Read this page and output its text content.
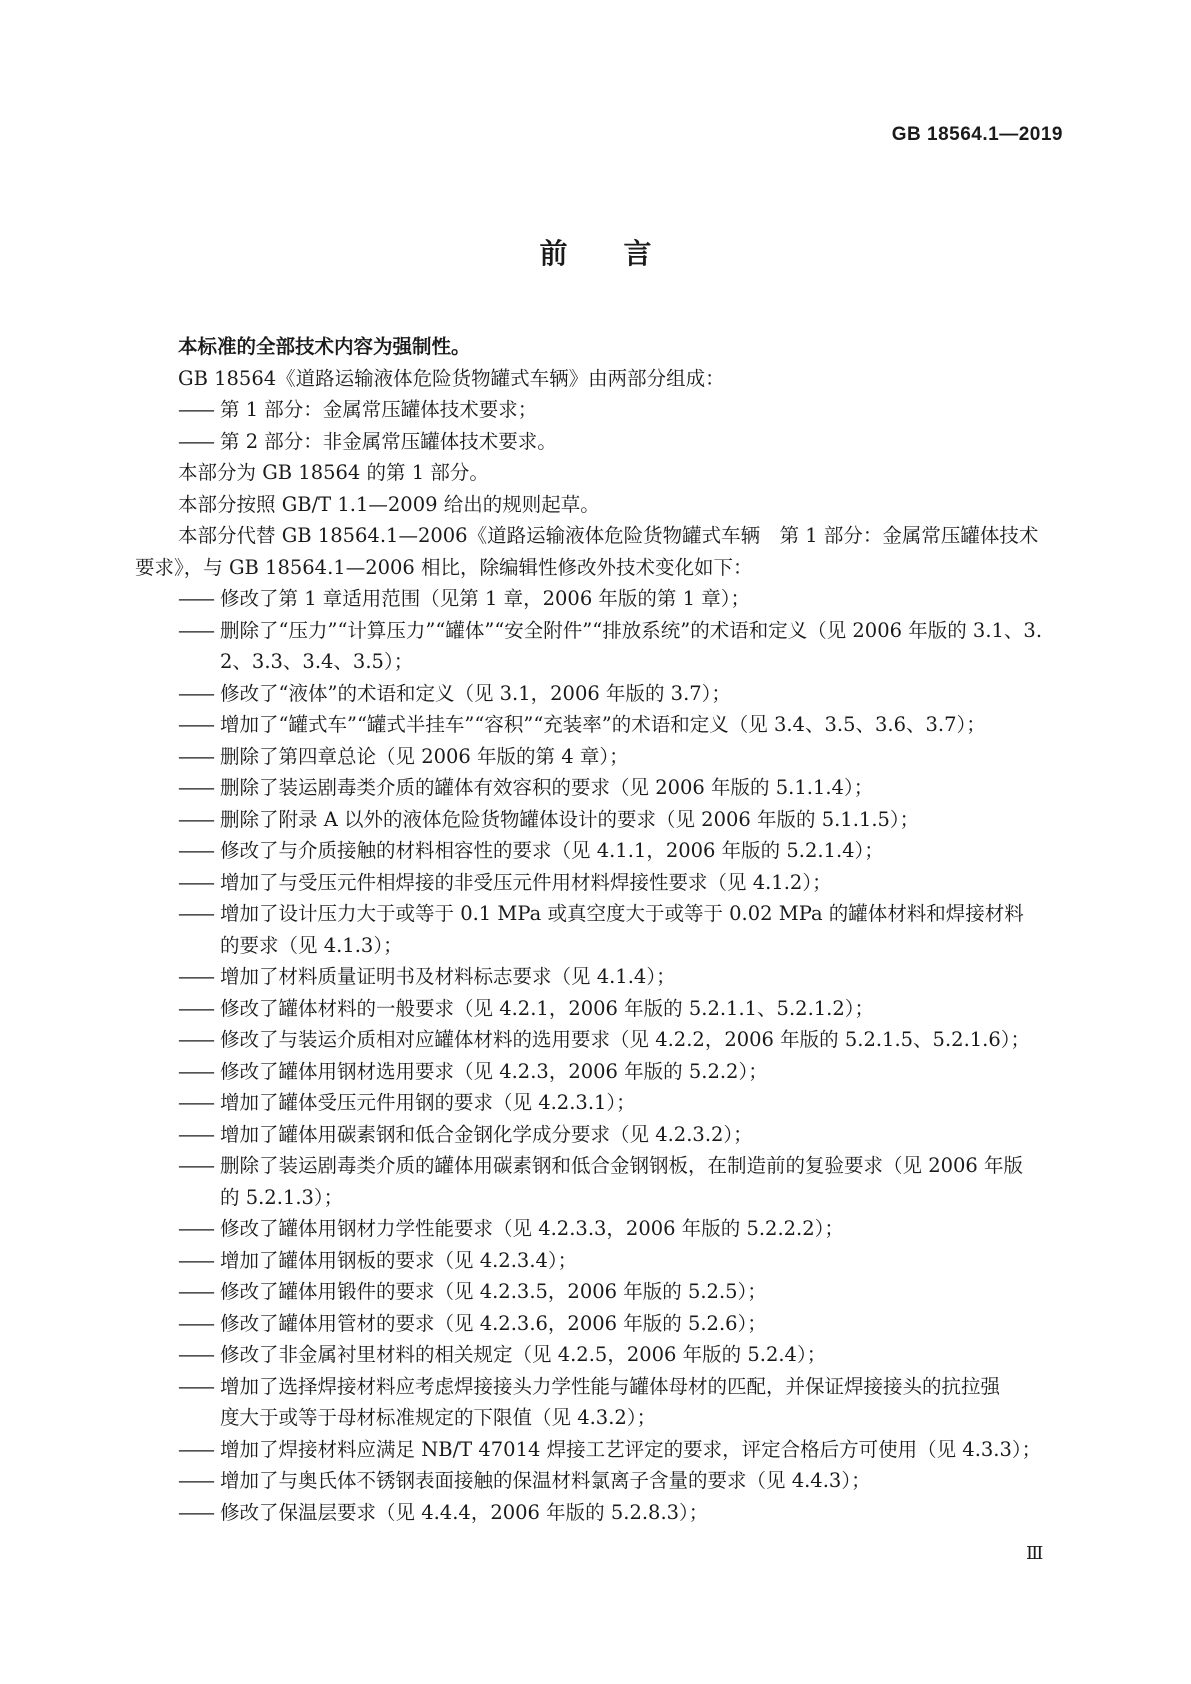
GB 18564.1—2019
前　　言
本标准的全部技术内容为强制性。
GB 18564《道路运输液体危险货物罐式车辆》由两部分组成：
—— 第 1 部分：金属常压罐体技术要求；
—— 第 2 部分：非金属常压罐体技术要求。
本部分为 GB 18564 的第 1 部分。
本部分按照 GB/T 1.1—2009 给出的规则起草。
本部分代替 GB 18564.1—2006《道路运输液体危险货物罐式车辆　第 1 部分：金属常压罐体技术
要求》，与 GB 18564.1—2006 相比，除编辑性修改外技术变化如下：
—— 修改了第 1 章适用范围（见第 1 章，2006 年版的第 1 章）；
—— 删除了“压力”“计算压力”“罐体”“安全附件”“排放系统”的术语和定义（见 2006 年版的 3.1、3.
2、3.3、3.4、3.5）；
—— 修改了“液体”的术语和定义（见 3.1，2006 年版的 3.7）；
—— 增加了“罐式车”“罐式半挂车”“容积”“充装率”的术语和定义（见 3.4、3.5、3.6、3.7）；
—— 删除了第四章总论（见 2006 年版的第 4 章）；
—— 删除了装运剧毒类介质的罐体有效容积的要求（见 2006 年版的 5.1.1.4）；
—— 删除了附录 A 以外的液体危险货物罐体设计的要求（见 2006 年版的 5.1.1.5）；
—— 修改了与介质接触的材料相容性的要求（见 4.1.1，2006 年版的 5.2.1.4）；
—— 增加了与受压元件相焊接的非受压元件用材料焊接性要求（见 4.1.2）；
—— 增加了设计压力大于或等于 0.1 MPa 或真空度大于或等于 0.02 MPa 的罐体材料和焊接材料
的要求（见 4.1.3）；
—— 增加了材料质量证明书及材料标志要求（见 4.1.4）；
—— 修改了罐体材料的一般要求（见 4.2.1，2006 年版的 5.2.1.1、5.2.1.2）；
—— 修改了与装运介质相对应罐体材料的选用要求（见 4.2.2，2006 年版的 5.2.1.5、5.2.1.6）；
—— 修改了罐体用钢材选用要求（见 4.2.3，2006 年版的 5.2.2）；
—— 增加了罐体受压元件用钢的要求（见 4.2.3.1）；
—— 增加了罐体用碳素钢和低合金钢化学成分要求（见 4.2.3.2）；
—— 删除了装运剧毒类介质的罐体用碳素钢和低合金钢钢板，在制造前的复验要求（见 2006 年版
的 5.2.1.3）；
—— 修改了罐体用钢材力学性能要求（见 4.2.3.3，2006 年版的 5.2.2.2）；
—— 增加了罐体用钢板的要求（见 4.2.3.4）；
—— 修改了罐体用锻件的要求（见 4.2.3.5，2006 年版的 5.2.5）；
—— 修改了罐体用管材的要求（见 4.2.3.6，2006 年版的 5.2.6）；
—— 修改了非金属衬里材料的相关规定（见 4.2.5，2006 年版的 5.2.4）；
—— 增加了选择焊接材料应考虑焊接接头力学性能与罐体母材的匹配，并保证焊接接头的抗拉强
度大于或等于母材标准规定的下限值（见 4.3.2）；
—— 增加了焊接材料应满足 NB/T 47014 焊接工艺评定的要求，评定合格后方可使用（见 4.3.3）；
—— 增加了与奥氏体不锈钢表面接触的保温材料氯离子含量的要求（见 4.4.3）；
—— 修改了保温层要求（见 4.4.4，2006 年版的 5.2.8.3）；
Ⅲ
